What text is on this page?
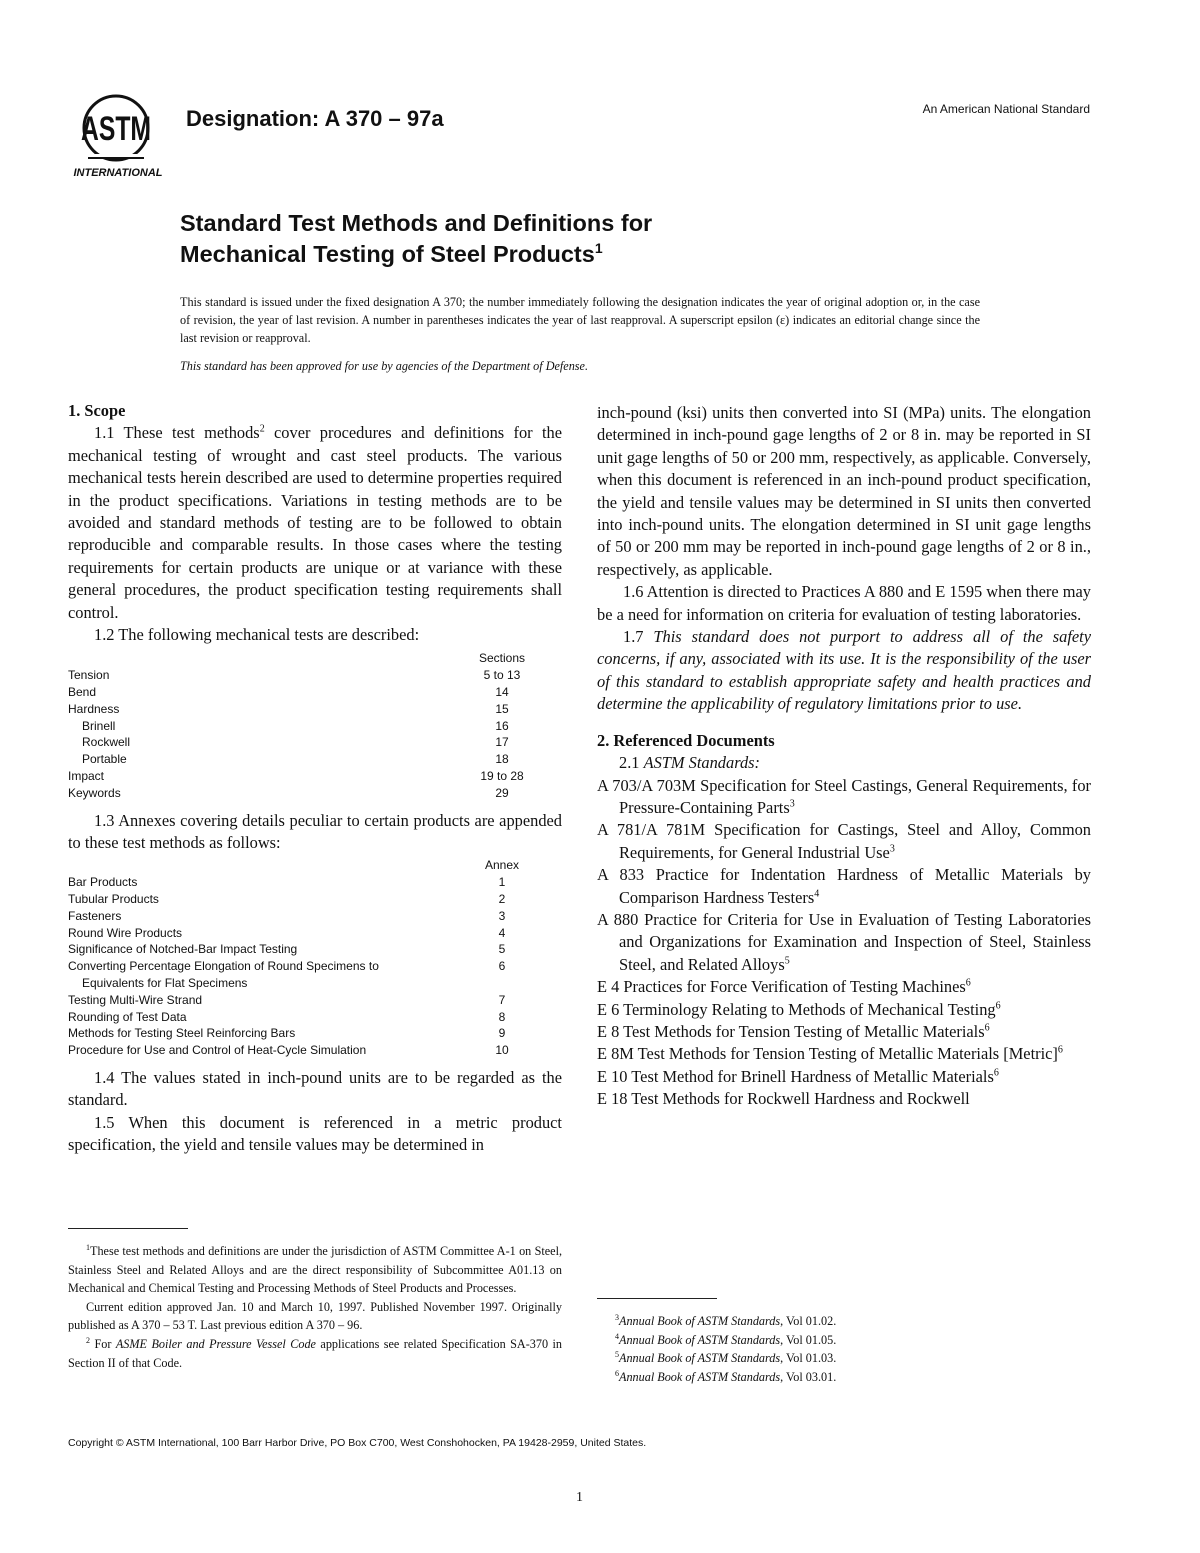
ASTM
INTERNATIONAL
Designation: A 370 – 97a	An American National Standard
Standard Test Methods and Definitions for
Mechanical Testing of Steel Products$^1$
This standard is issued under the fixed designation A 370; the number immediately following the designation indicates the year of original adoption or, in the case of revision, the year of last revision. A number in parentheses indicates the year of last reapproval. A superscript epsilon (ε) indicates an editorial change since the last revision or reapproval.
This standard has been approved for use by agencies of the Department of Defense.

1. Scope

1.1 These test methods$^2$ cover procedures and definitions for the mechanical testing of wrought and cast steel products. The various mechanical tests herein described are used to determine properties required in the product specifications. Variations in testing methods are to be avoided and standard methods of testing are to be followed to obtain reproducible and comparable results. In those cases where the testing requirements for certain products are unique or at variance with these general procedures, the product specification testing requirements shall control.

1.2 The following mechanical tests are described:

	Sections
Tension	5 to 13
Bend	14
Hardness	15
Brinell	16
Rockwell	17
Portable	18
Impact	19 to 28
Keywords	29

1.3 Annexes covering details peculiar to certain products are appended to these test methods as follows:

	Annex
Bar Products	1
Tubular Products	2
Fasteners	3
Round Wire Products	4
Significance of Notched-Bar Impact Testing	5
Converting Percentage Elongation of Round Specimens to	6
Equivalents for Flat Specimens	
Testing Multi-Wire Strand	7
Rounding of Test Data	8
Methods for Testing Steel Reinforcing Bars	9
Procedure for Use and Control of Heat-Cycle Simulation	10

1.4 The values stated in inch-pound units are to be regarded as the standard.

1.5 When this document is referenced in a metric product specification, the yield and tensile values may be determined in

$^1$These test methods and definitions are under the jurisdiction of ASTM Committee A-1 on Steel, Stainless Steel and Related Alloys and are the direct responsibility of Subcommittee A01.13 on Mechanical and Chemical Testing and Processing Methods of Steel Products and Processes.

Current edition approved Jan. 10 and March 10, 1997. Published November 1997. Originally published as A 370 – 53 T. Last previous edition A 370 – 96.

$^2$ For ASME Boiler and Pressure Vessel Code applications see related Specification SA-370 in Section II of that Code.

inch-pound (ksi) units then converted into SI (MPa) units. The elongation determined in inch-pound gage lengths of 2 or 8 in. may be reported in SI unit gage lengths of 50 or 200 mm, respectively, as applicable. Conversely, when this document is referenced in an inch-pound product specification, the yield and tensile values may be determined in SI units then converted into inch-pound units. The elongation determined in SI unit gage lengths of 50 or 200 mm may be reported in inch-pound gage lengths of 2 or 8 in., respectively, as applicable.

1.6 Attention is directed to Practices A 880 and E 1595 when there may be a need for information on criteria for evaluation of testing laboratories.

1.7 This standard does not purport to address all of the safety concerns, if any, associated with its use. It is the responsibility of the user of this standard to establish appropriate safety and health practices and determine the applicability of regulatory limitations prior to use.

2. Referenced Documents

2.1 ASTM Standards:

A 703/A 703M Specification for Steel Castings, General Requirements, for Pressure-Containing Parts$^3$

A 781/A 781M Specification for Castings, Steel and Alloy, Common Requirements, for General Industrial Use$^3$

A 833 Practice for Indentation Hardness of Metallic Materials by Comparison Hardness Testers$^4$

A 880 Practice for Criteria for Use in Evaluation of Testing Laboratories and Organizations for Examination and Inspection of Steel, Stainless Steel, and Related Alloys$^5$

E 4 Practices for Force Verification of Testing Machines$^6$

E 6 Terminology Relating to Methods of Mechanical Testing$^6$

E 8 Test Methods for Tension Testing of Metallic Materials$^6$

E 8M Test Methods for Tension Testing of Metallic Materials [Metric]$^6$

E 10 Test Method for Brinell Hardness of Metallic Materials$^6$

E 18 Test Methods for Rockwell Hardness and Rockwell

$^3$Annual Book of ASTM Standards, Vol 01.02.

$^4$Annual Book of ASTM Standards, Vol 01.05.

$^5$Annual Book of ASTM Standards, Vol 01.03.

$^6$Annual Book of ASTM Standards, Vol 03.01.

Copyright © ASTM International, 100 Barr Harbor Drive, PO Box C700, West Conshohocken, PA 19428-2959, United States.
1
